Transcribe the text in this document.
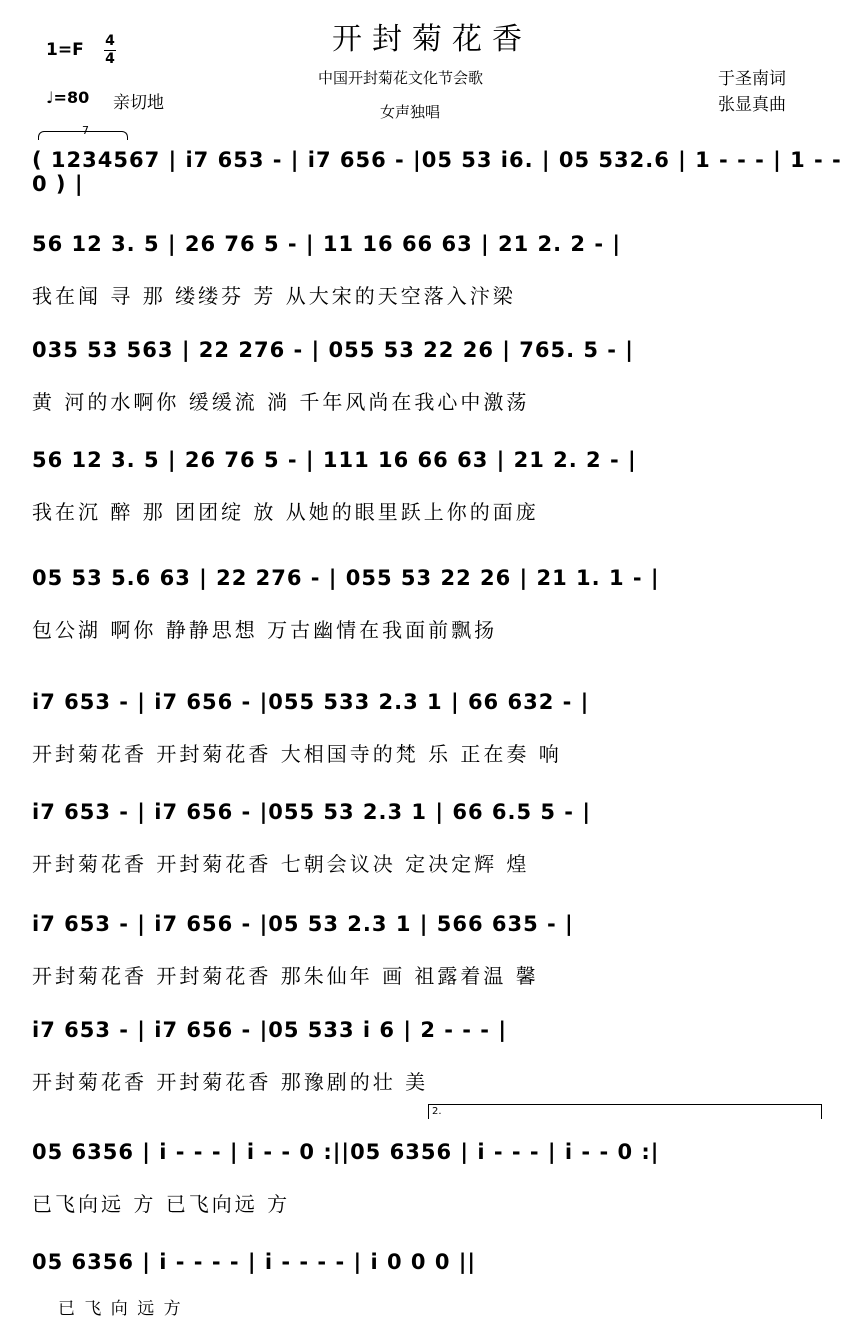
开封菊花香
中国开封菊花文化节会歌
女声独唱
于圣南词
张显真曲
1=F 4
4
♩=80 亲切地
7
2.
( 1234567 | i7 653 - | i7 656 - |05 53 i6. | 05 532.6 | 1 - - - | 1 - - 0 ) |
56 12 3. 5 | 26 76 5 - | 11 16 66 63 | 21 2. 2 - |
我在闻 寻 那 缕缕芬 芳 从大宋的天空落入汴梁
035 53 563 | 22 276 - | 055 53 22 26 | 765. 5 - |
黄 河的水啊你 缓缓流 淌 千年风尚在我心中激荡
56 12 3. 5 | 26 76 5 - | 111 16 66 63 | 21 2. 2 - |
我在沉 醉 那 团团绽 放 从她的眼里跃上你的面庞
05 53 5.6 63 | 22 276 - | 055 53 22 26 | 21 1. 1 - |
包公湖 啊你 静静思想 万古幽情在我面前飘扬
i7 653 - | i7 656 - |055 533 2.3 1 | 66 632 - |
开封菊花香 开封菊花香 大相国寺的梵 乐 正在奏 响
i7 653 - | i7 656 - |055 53 2.3 1 | 66 6.5 5 - |
开封菊花香 开封菊花香 七朝会议决 定决定辉 煌
i7 653 - | i7 656 - |05 53 2.3 1 | 566 635 - |
开封菊花香 开封菊花香 那朱仙年 画 祖露着温 馨
i7 653 - | i7 656 - |05 533 i 6 | 2 - - - |
开封菊花香 开封菊花香 那豫剧的壮 美
05 6356 | i - - - | i - - 0 :||05 6356 | i - - - | i - - 0 :|
已飞向远 方 已飞向远 方
05 6356 | i - - - - | i - - - - | i 0 0 0 ||
已 飞 向 远 方
